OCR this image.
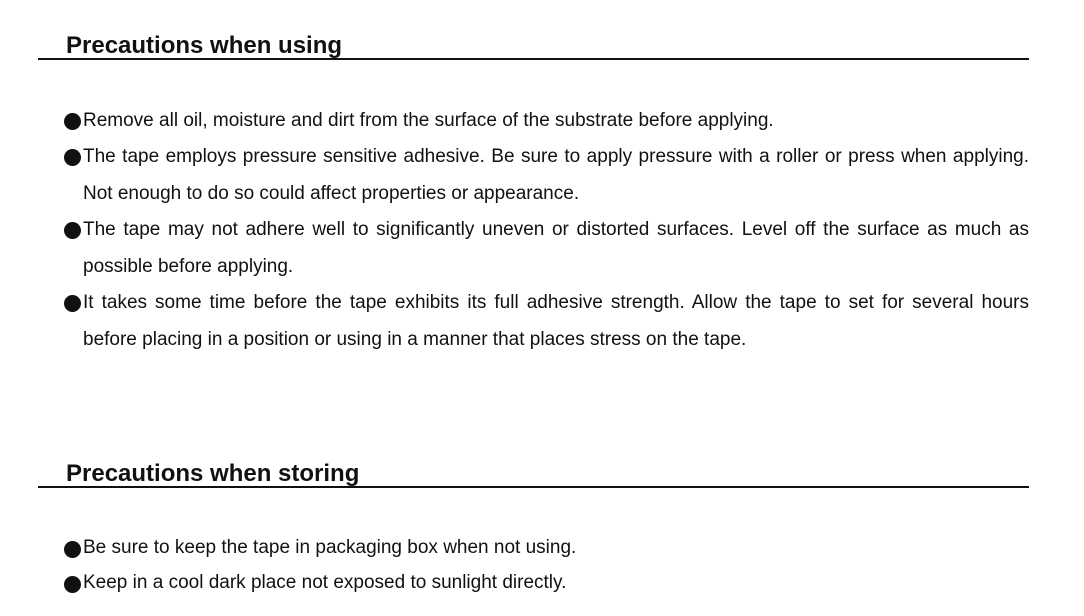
Precautions when using
Remove all oil, moisture and dirt from the surface of the substrate before applying.
The tape employs pressure sensitive adhesive. Be sure to apply pressure with a roller or press when applying. Not enough to do so could affect properties or appearance.
The tape may not adhere well to significantly uneven or distorted surfaces. Level off the surface as much as possible before applying.
It takes some time before the tape exhibits its full adhesive strength. Allow the tape to set for several hours before placing in a position or using in a manner that places stress on the tape.
Precautions when storing
Be sure to keep the tape in packaging box when not using.
Keep in a cool dark place not exposed to sunlight directly.
